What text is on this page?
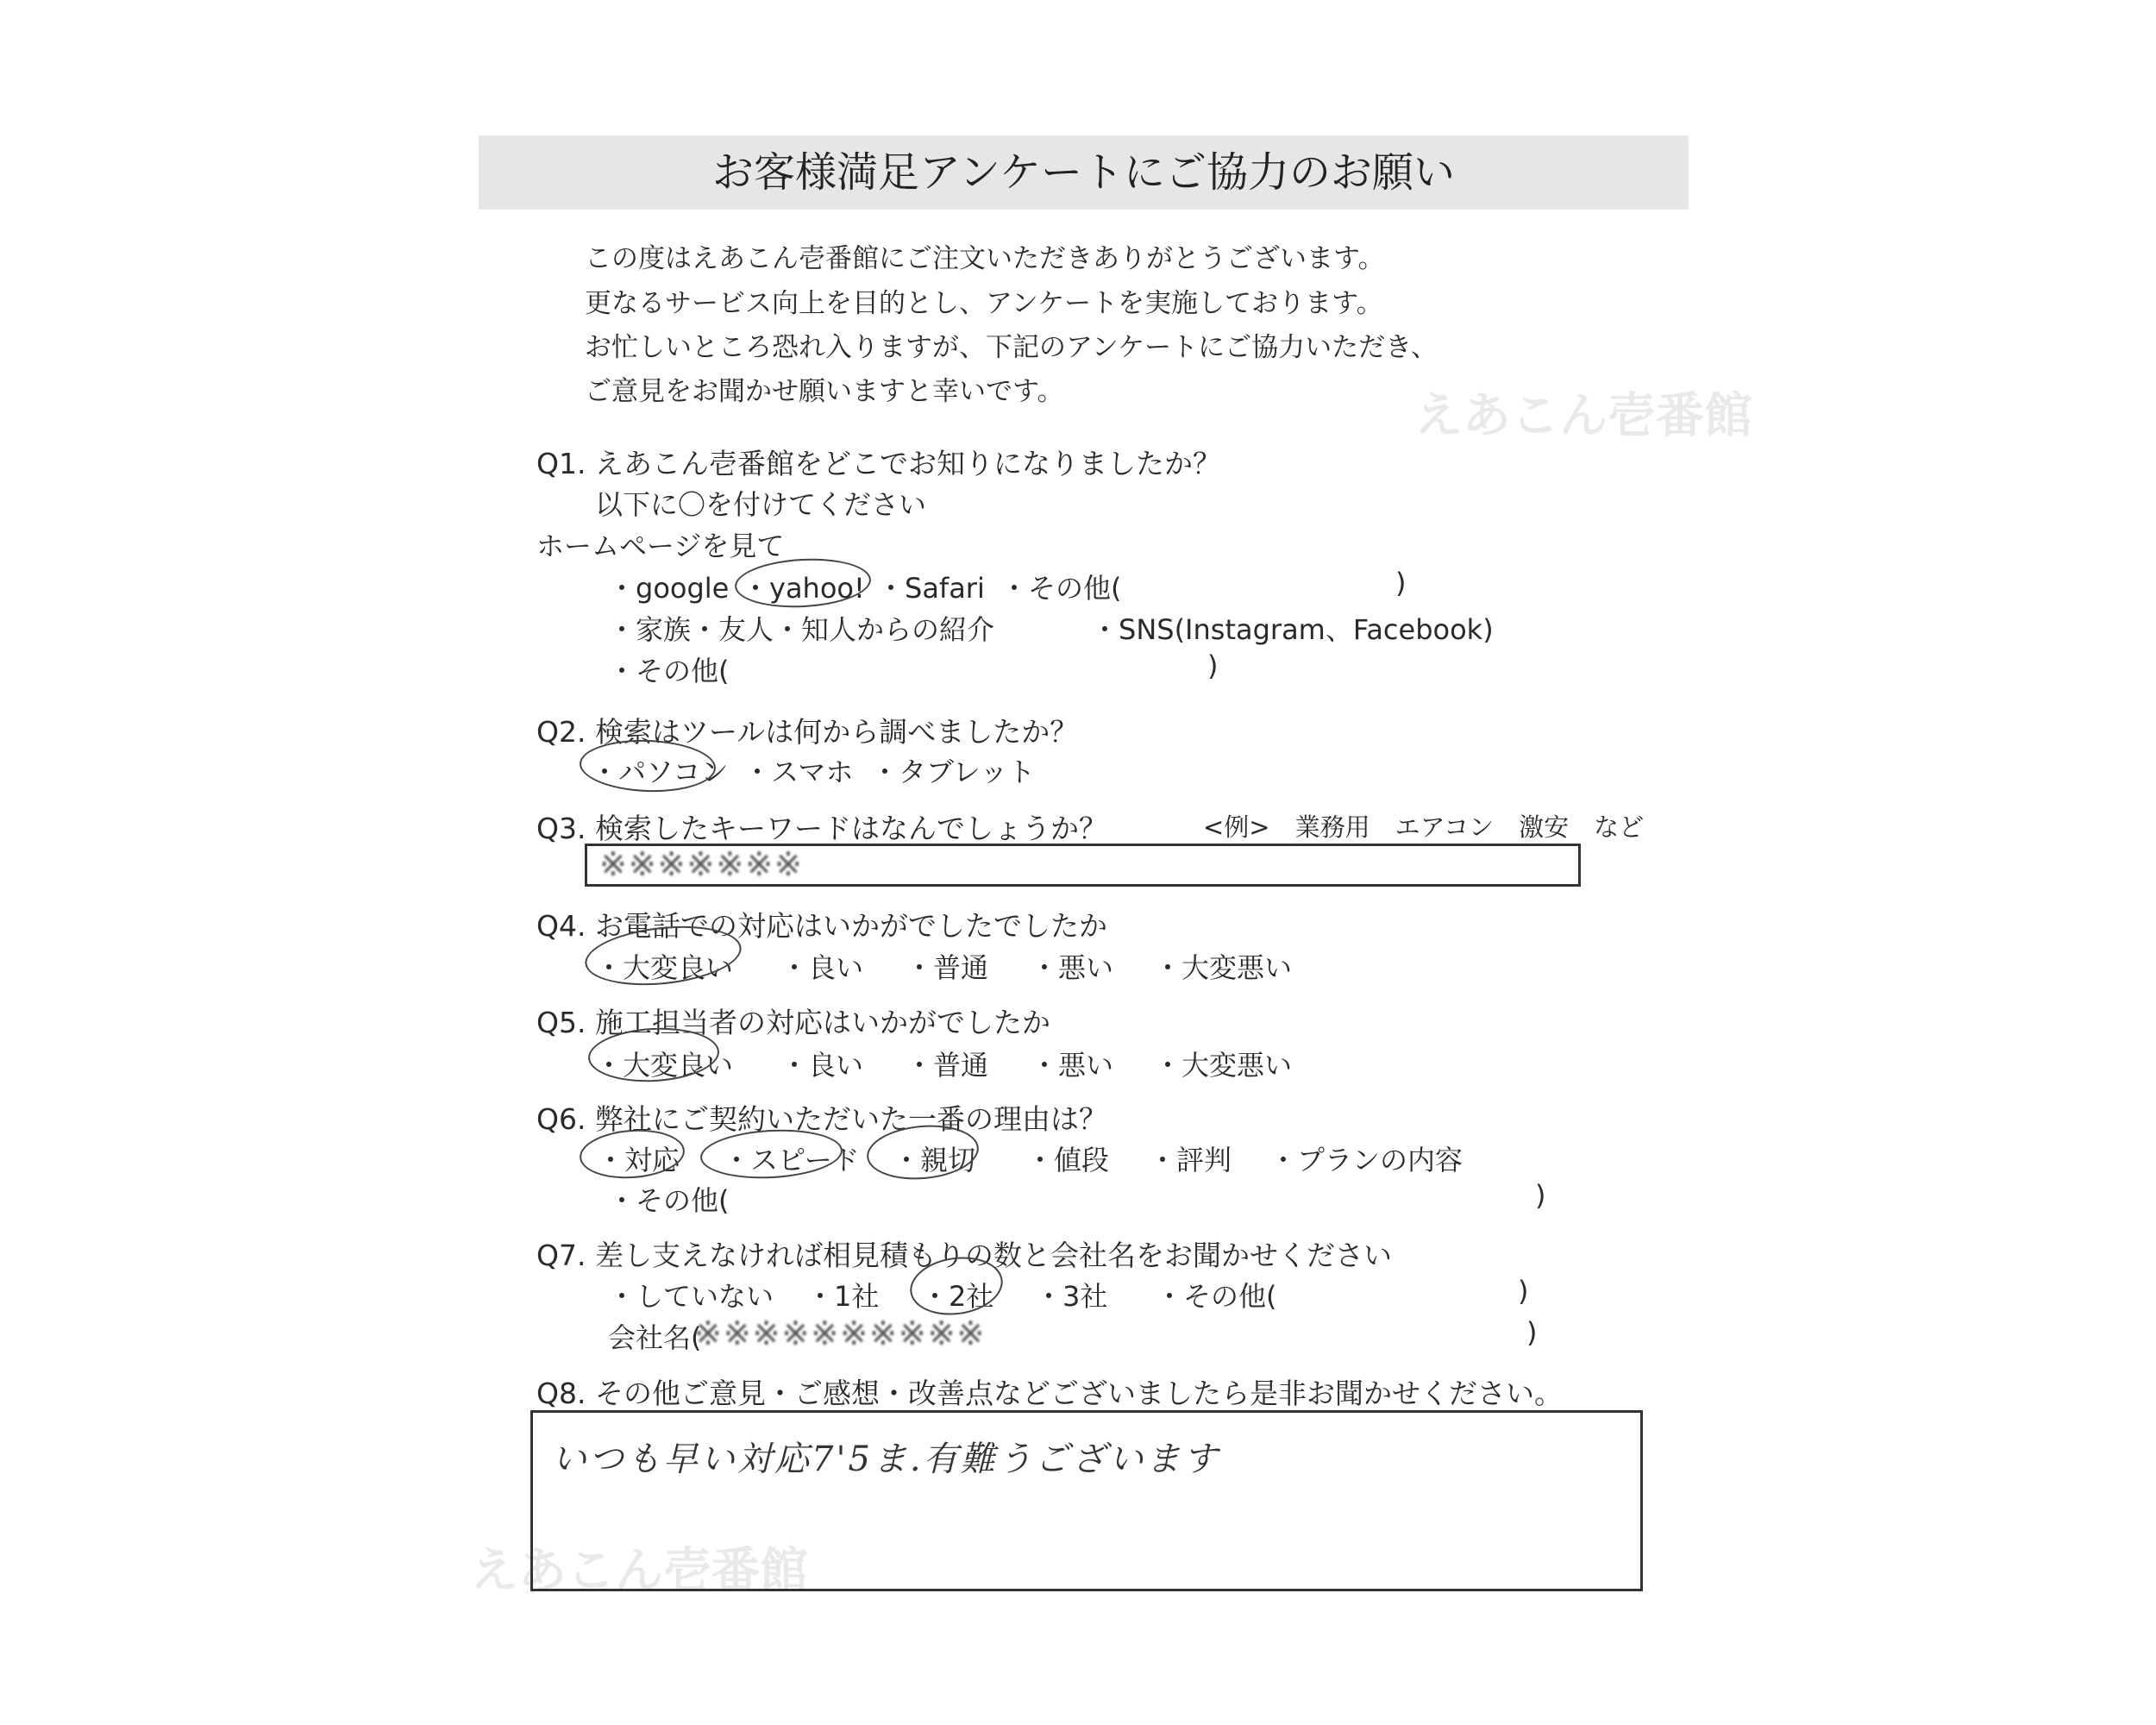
お客様満足アンケートにご協力のお願い
この度はえあこん壱番館にご注文いただきありがとうございます。
更なるサービス向上を目的とし、アンケートを実施しております。
お忙しいところ恐れ入りますが、下記のアンケートにご協力いただき、
ご意見をお聞かせ願いますと幸いです。	えあこん壱番館
えあこん壱番館
Q1. えあこん壱番館をどこでお知りになりましたか？
以下に〇を付けてください
ホームページを見て
・google ・yahoo! ・Safari ・その他(	)
・家族・友人・知人からの紹介	・SNS(Instagram、Facebook)
・その他(	)
Q2. 検索はツールは何から調べましたか？
・パソコン ・スマホ ・タブレット
Q3. 検索したキーワードはなんでしょうか？	<例>　業務用　エアコン　激安　など
※※※※※※※
Q4. お電話での対応はいかがでしたでしたか
・大変良い ・良い ・普通 ・悪い ・大変悪い
Q5. 施工担当者の対応はいかがでしたか
・大変良い ・良い ・普通 ・悪い ・大変悪い
Q6. 弊社にご契約いただいた一番の理由は？
・対応 ・スピード ・親切 ・値段 ・評判 ・プランの内容
・その他(	)
Q7. 差し支えなければ相見積もりの数と会社名をお聞かせください
・していない ・1社 ・2社 ・3社 ・その他(	)
会社名(
※※※※※※※※※※	)
Q8. その他ご意見・ご感想・改善点などございましたら是非お聞かせください。
いつも早い対応7'5ま.有難うございます
